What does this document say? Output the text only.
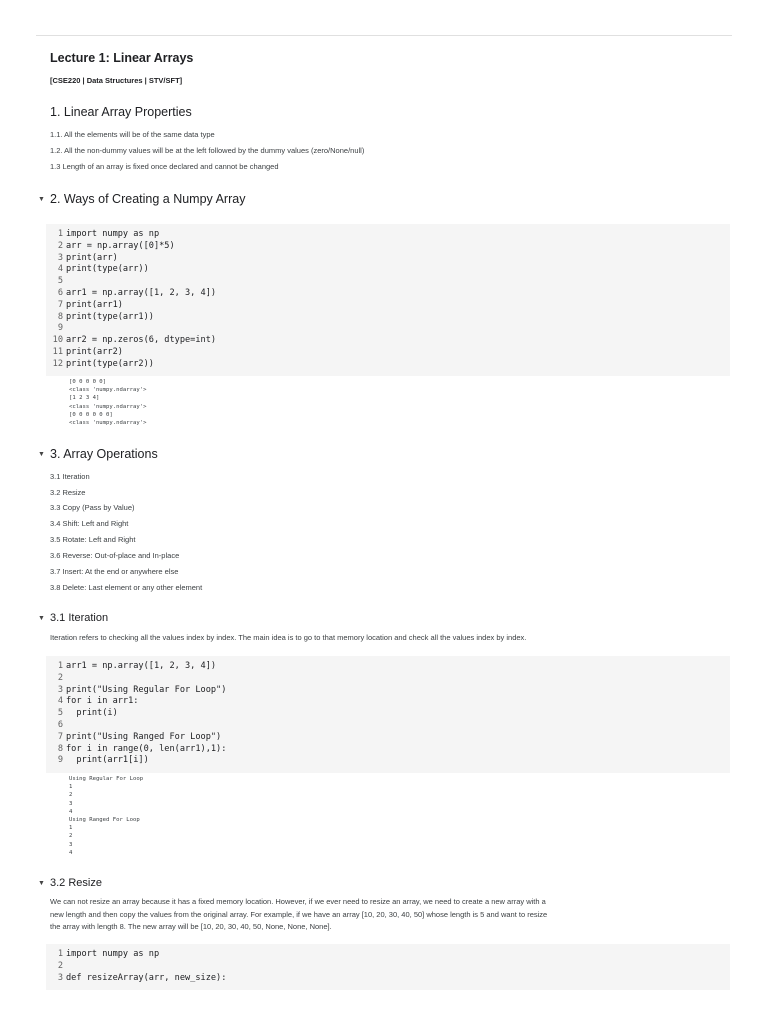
Lecture 1: Linear Arrays
[CSE220 | Data Structures | STV/SFT]
1. Linear Array Properties
1.1. All the elements will be of the same data type
1.2. All the non-dummy values will be at the left followed by the dummy values (zero/None/null)
1.3 Length of an array is fixed once declared and cannot be changed
▼ 2. Ways of Creating a Numpy Array
1 import numpy as np
2 arr = np.array([0]*5)
3 print(arr)
4 print(type(arr))
5
6 arr1 = np.array([1, 2, 3, 4])
7 print(arr1)
8 print(type(arr1))
9
10 arr2 = np.zeros(6, dtype=int)
11 print(arr2)
12 print(type(arr2))
[0 0 0 0 0]
<class 'numpy.ndarray'>
[1 2 3 4]
<class 'numpy.ndarray'>
[0 0 0 0 0 0]
<class 'numpy.ndarray'>
▼ 3. Array Operations
3.1 Iteration
3.2 Resize
3.3 Copy (Pass by Value)
3.4 Shift: Left and Right
3.5 Rotate: Left and Right
3.6 Reverse: Out-of-place and In-place
3.7 Insert: At the end or anywhere else
3.8 Delete: Last element or any other element
▼ 3.1 Iteration
Iteration refers to checking all the values index by index. The main idea is to go to that memory location and check all the values index by index.
1 arr1 = np.array([1, 2, 3, 4])
2
3 print("Using Regular For Loop")
4 for i in arr1:
5 print(i)
6
7 print("Using Ranged For Loop")
8 for i in range(0, len(arr1),1):
9 print(arr1[i])
Using Regular For Loop
1
2
3
4
Using Ranged For Loop
1
2
3
4
▼ 3.2 Resize
We can not resize an array because it has a fixed memory location. However, if we ever need to resize an array, we need to create a new array with a new length and then copy the values from the original array. For example, if we have an array [10, 20, 30, 40, 50] whose length is 5 and want to resize the array with length 8. The new array will be [10, 20, 30, 40, 50, None, None, None].
1 import numpy as np
2
3 def resizeArray(arr, new_size):
